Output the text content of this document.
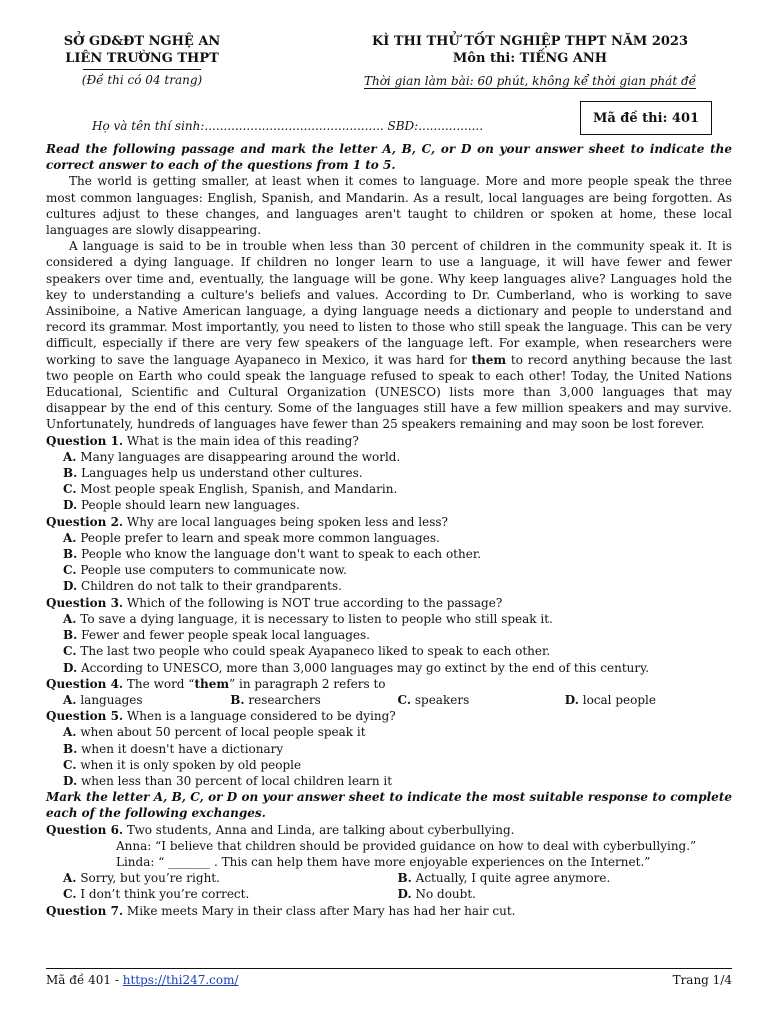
SỞ GD&ĐT NGHỆ AN
LIÊN TRƯỜNG THPT
(Đề thi có 04 trang)
KÌ THI THỬ TỐT NGHIỆP THPT NĂM 2023
Môn thi: TIẾNG ANH
Thời gian làm bài: 60 phút, không kể thời gian phát đề
Mã đề thi: 401
Họ và tên thí sinh:............................................... SBD:.................
Read the following passage and mark the letter A, B, C, or D on your answer sheet to indicate the correct answer to each of the questions from 1 to 5.
The world is getting smaller, at least when it comes to language. More and more people speak the three most common languages: English, Spanish, and Mandarin. As a result, local languages are being forgotten. As cultures adjust to these changes, and languages aren't taught to children or spoken at home, these local languages are slowly disappearing.
A language is said to be in trouble when less than 30 percent of children in the community speak it. It is considered a dying language. If children no longer learn to use a language, it will have fewer and fewer speakers over time and, eventually, the language will be gone. Why keep languages alive? Languages hold the key to understanding a culture's beliefs and values. According to Dr. Cumberland, who is working to save Assiniboine, a Native American language, a dying language needs a dictionary and people to understand and record its grammar. Most importantly, you need to listen to those who still speak the language. This can be very difficult, especially if there are very few speakers of the language left. For example, when researchers were working to save the language Ayapaneco in Mexico, it was hard for them to record anything because the last two people on Earth who could speak the language refused to speak to each other! Today, the United Nations Educational, Scientific and Cultural Organization (UNESCO) lists more than 3,000 languages that may disappear by the end of this century. Some of the languages still have a few million speakers and may survive. Unfortunately, hundreds of languages have fewer than 25 speakers remaining and may soon be lost forever.
Question 1. What is the main idea of this reading?
A. Many languages are disappearing around the world.
B. Languages help us understand other cultures.
C. Most people speak English, Spanish, and Mandarin.
D. People should learn new languages.
Question 2. Why are local languages being spoken less and less?
A. People prefer to learn and speak more common languages.
B. People who know the language don't want to speak to each other.
C. People use computers to communicate now.
D. Children do not talk to their grandparents.
Question 3. Which of the following is NOT true according to the passage?
A. To save a dying language, it is necessary to listen to people who still speak it.
B. Fewer and fewer people speak local languages.
C. The last two people who could speak Ayapaneco liked to speak to each other.
D. According to UNESCO, more than 3,000 languages may go extinct by the end of this century.
Question 4. The word “them” in paragraph 2 refers to
A. languages	B. researchers	C. speakers	D. local people
Question 5. When is a language considered to be dying?
A. when about 50 percent of local people speak it
B. when it doesn't have a dictionary
C. when it is only spoken by old people
D. when less than 30 percent of local children learn it
Mark the letter A, B, C, or D on your answer sheet to indicate the most suitable response to complete each of the following exchanges.
Question 6. Two students, Anna and Linda, are talking about cyberbullying.
Anna: “I believe that children should be provided guidance on how to deal with cyberbullying.”
Linda: “ _______ . This can help them have more enjoyable experiences on the Internet.”
A. Sorry, but you’re right.	B. Actually, I quite agree anymore.
C. I don’t think you’re correct.	D. No doubt.
Question 7. Mike meets Mary in their class after Mary has had her hair cut.
Mã đề 401 - https://thi247.com/	Trang 1/4
